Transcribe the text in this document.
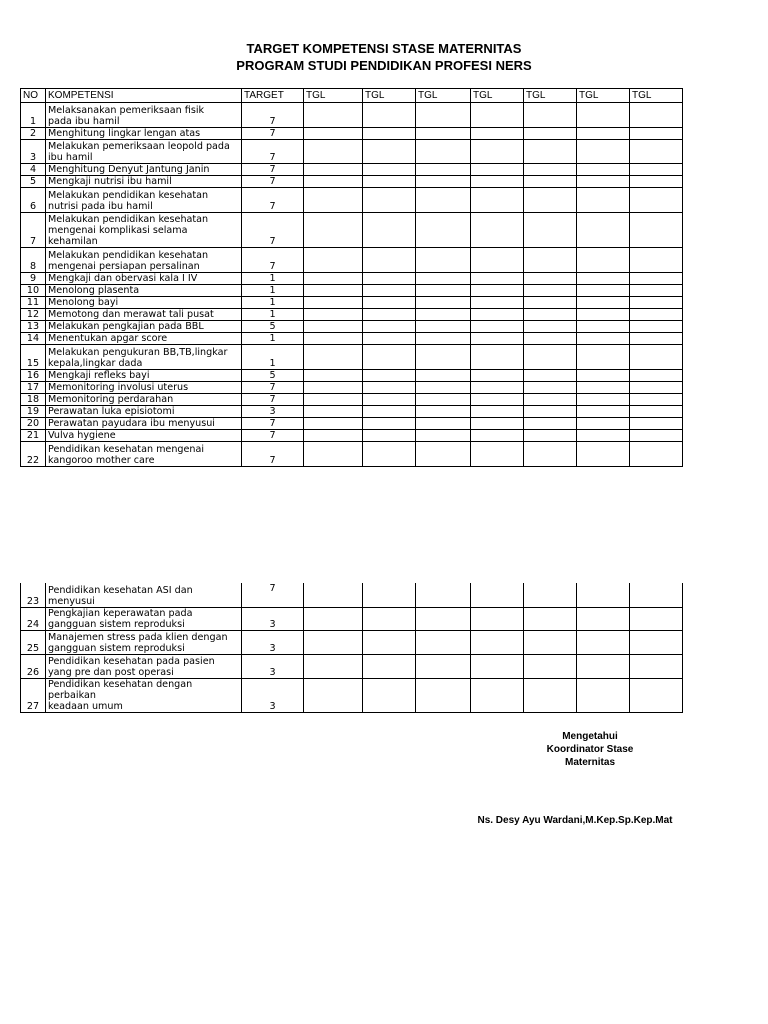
TARGET KOMPETENSI STASE MATERNITAS
PROGRAM STUDI PENDIDIKAN PROFESI NERS
NO	KOMPETENSI	TARGET	TGL	TGL	TGL	TGL	TGL	TGL	TGL
1	Melaksanakan pemeriksaan fisik
pada ibu hamil	7							
2	Menghitung lingkar lengan atas	7							
3	Melakukan pemeriksaan leopold pada
ibu hamil	7							
4	Menghitung Denyut Jantung Janin	7							
5	Mengkaji nutrisi ibu hamil	7							
6	Melakukan pendidikan kesehatan
nutrisi pada ibu hamil	7							
7	Melakukan pendidikan kesehatan
mengenai komplikasi selama
kehamilan	7							
8	Melakukan pendidikan kesehatan
mengenai persiapan persalinan	7							
9	Mengkaji dan obervasi kala I IV	1							
10	Menolong plasenta	1							
11	Menolong bayi	1							
12	Memotong dan merawat tali pusat	1							
13	Melakukan pengkajian pada BBL	5							
14	Menentukan apgar score	1							
15	Melakukan pengukuran BB,TB,lingkar
kepala,lingkar dada	1							
16	Mengkaji refleks bayi	5							
17	Memonitoring involusi uterus	7							
18	Memonitoring perdarahan	7							
19	Perawatan luka episiotomi	3							
20	Perawatan payudara ibu menyusui	7							
21	Vulva hygiene	7							
22	Pendidikan kesehatan mengenai
kangoroo mother care	7							
23	Pendidikan kesehatan ASI dan
menyusui	7							
24	Pengkajian keperawatan pada
gangguan sistem reproduksi	3							
25	Manajemen stress pada klien dengan
gangguan sistem reproduksi	3							
26	Pendidikan kesehatan pada pasien
yang pre dan post operasi	3							
27	Pendidikan kesehatan dengan
perbaikan
keadaan umum	3							
Mengetahui
Koordinator Stase
Maternitas
Ns. Desy Ayu Wardani,M.Kep.Sp.Kep.Mat
